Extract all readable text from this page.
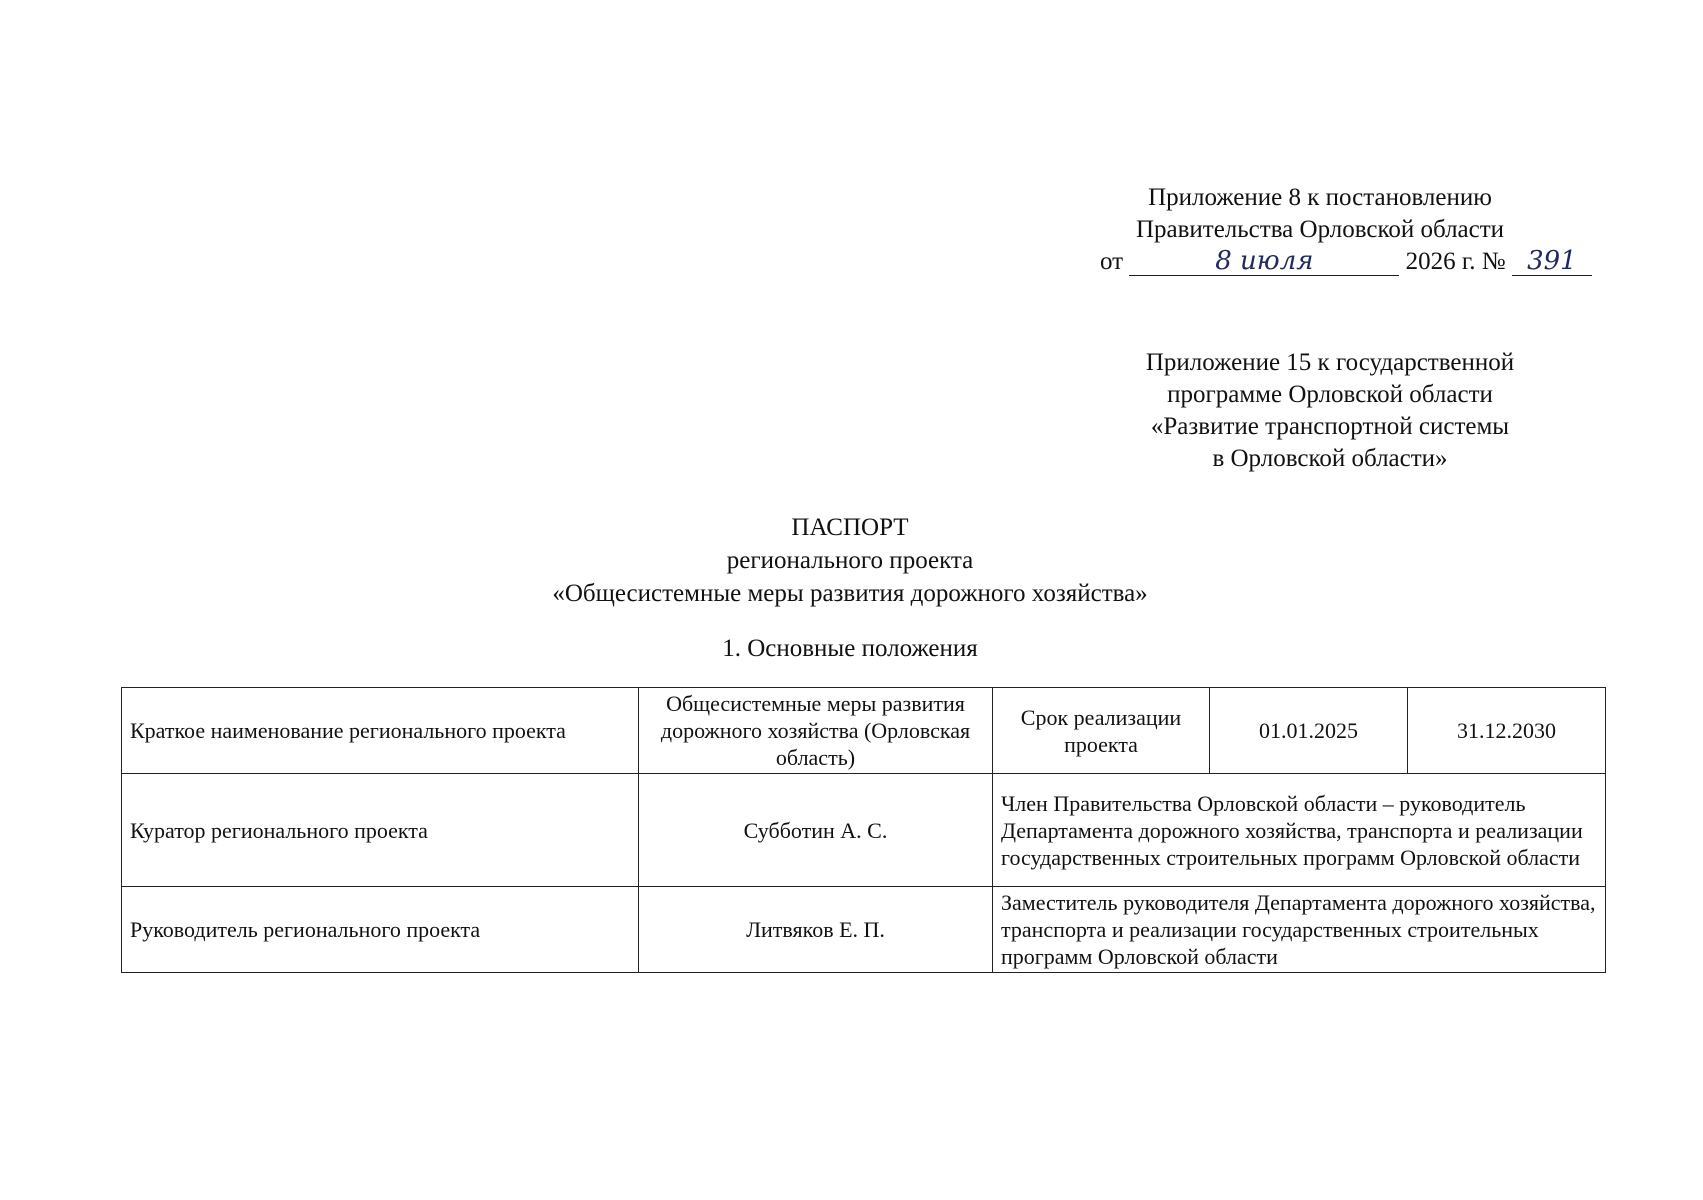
Приложение 8 к постановлению
Правительства Орловской области
от	8 июля	2026 г. № 391
Приложение 15 к государственной
программе Орловской области
«Развитие транспортной системы
в Орловской области»
ПАСПОРТ
регионального проекта
«Общесистемные меры развития дорожного хозяйства»
1. Основные положения
Краткое наименование регионального проекта	Общесистемные меры развития дорожного хозяйства (Орловская область)	Срок реализации проекта	01.01.2025	31.12.2030
Куратор регионального проекта	Субботин А. С.	Член Правительства Орловской области – руководитель Департамента дорожного хозяйства, транспорта и реализации государственных строительных программ Орловской области		
Руководитель регионального проекта	Литвяков Е. П.	Заместитель руководителя Департамента дорожного хозяйства, транспорта и реализации государственных строительных программ Орловской области		
